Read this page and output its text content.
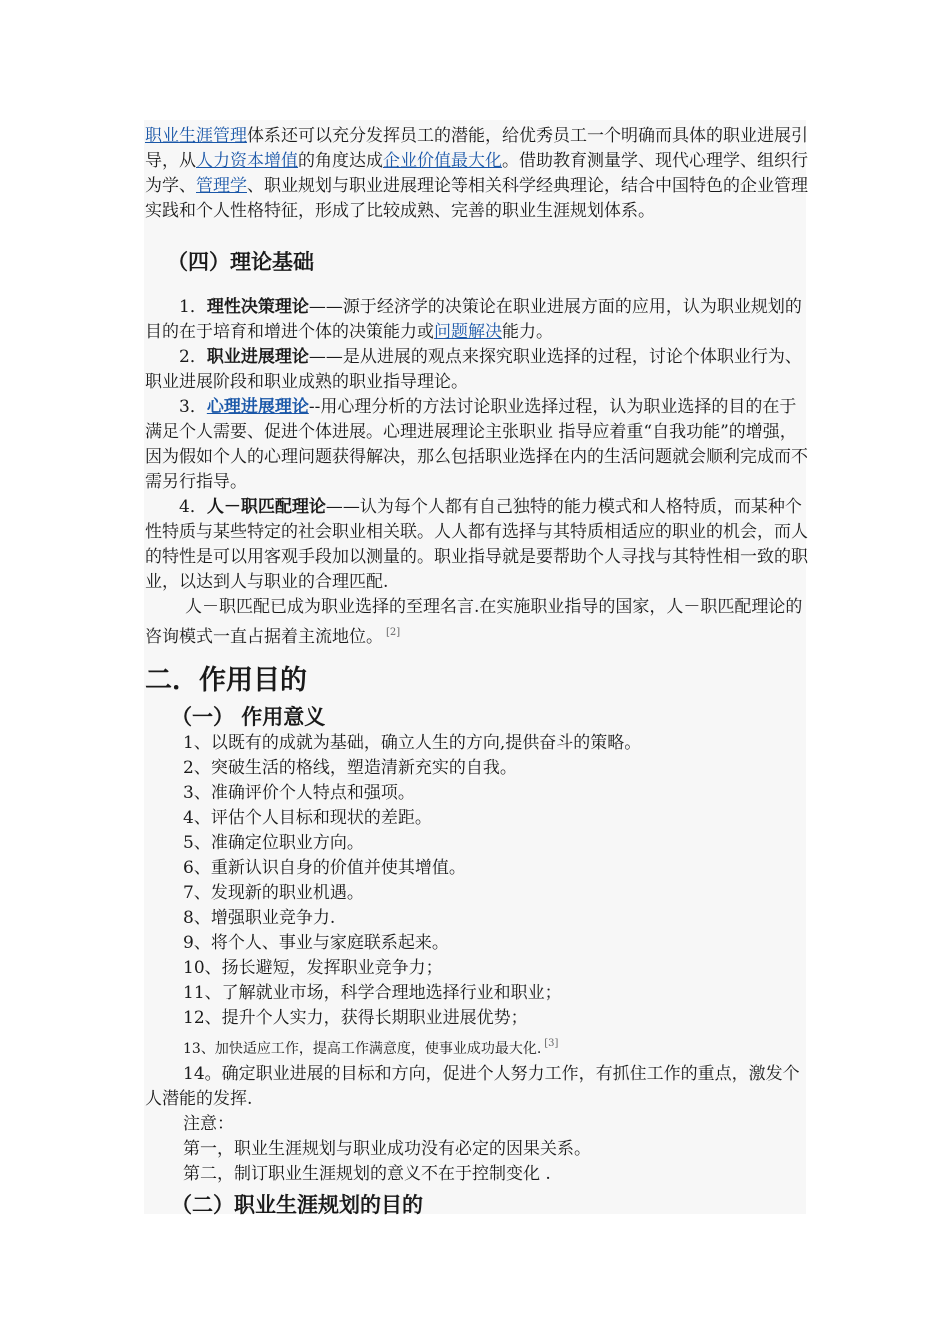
职业生涯管理体系还可以充分发挥员工的潜能，给优秀员工一个明确而具体的职业进展引导，从人力资本增值的角度达成企业价值最大化。借助教育测量学、现代心理学、组织行为学、管理学、职业规划与职业进展理论等相关科学经典理论，结合中国特色的企业管理实践和个人性格特征，形成了比较成熟、完善的职业生涯规划体系。

（四）理论基础

1．理性决策理论——源于经济学的决策论在职业进展方面的应用，认为职业规划的目的在于培育和增进个体的决策能力或问题解决能力。

2．职业进展理论——是从进展的观点来探究职业选择的过程，讨论个体职业行为、职业进展阶段和职业成熟的职业指导理论。

3．心理进展理论--用心理分析的方法讨论职业选择过程，认为职业选择的目的在于满足个人需要、促进个体进展。心理进展理论主张职业 指导应着重“自我功能”的增强，因为假如个人的心理问题获得解决，那么包括职业选择在内的生活问题就会顺利完成而不需另行指导。

4．人－职匹配理论——认为每个人都有自己独特的能力模式和人格特质，而某种个性特质与某些特定的社会职业相关联。人人都有选择与其特质相适应的职业的机会，而人的特性是可以用客观手段加以测量的。职业指导就是要帮助个人寻找与其特性相一致的职业，以达到人与职业的合理匹配.

人－职匹配已成为职业选择的至理名言.在实施职业指导的国家，人－职匹配理论的咨询模式一直占据着主流地位。 [2]

二．作用目的

（一） 作用意义

1、以既有的成就为基础，确立人生的方向,提供奋斗的策略。

2、突破生活的格线，塑造清新充实的自我。

3、准确评价个人特点和强项。

4、评估个人目标和现状的差距。

5、准确定位职业方向。

6、重新认识自身的价值并使其增值。

7、发现新的职业机遇。

8、增强职业竞争力.

9、将个人、事业与家庭联系起来。

10、扬长避短，发挥职业竞争力；

11、了解就业市场，科学合理地选择行业和职业；

12、提升个人实力，获得长期职业进展优势；

13、加快适应工作，提高工作满意度，使事业成功最大化. [3]

14。确定职业进展的目标和方向，促进个人努力工作，有抓住工作的重点，激发个人潜能的发挥.

注意：

第一，职业生涯规划与职业成功没有必定的因果关系。

第二，制订职业生涯规划的意义不在于控制变化 .

（二）职业生涯规划的目的
